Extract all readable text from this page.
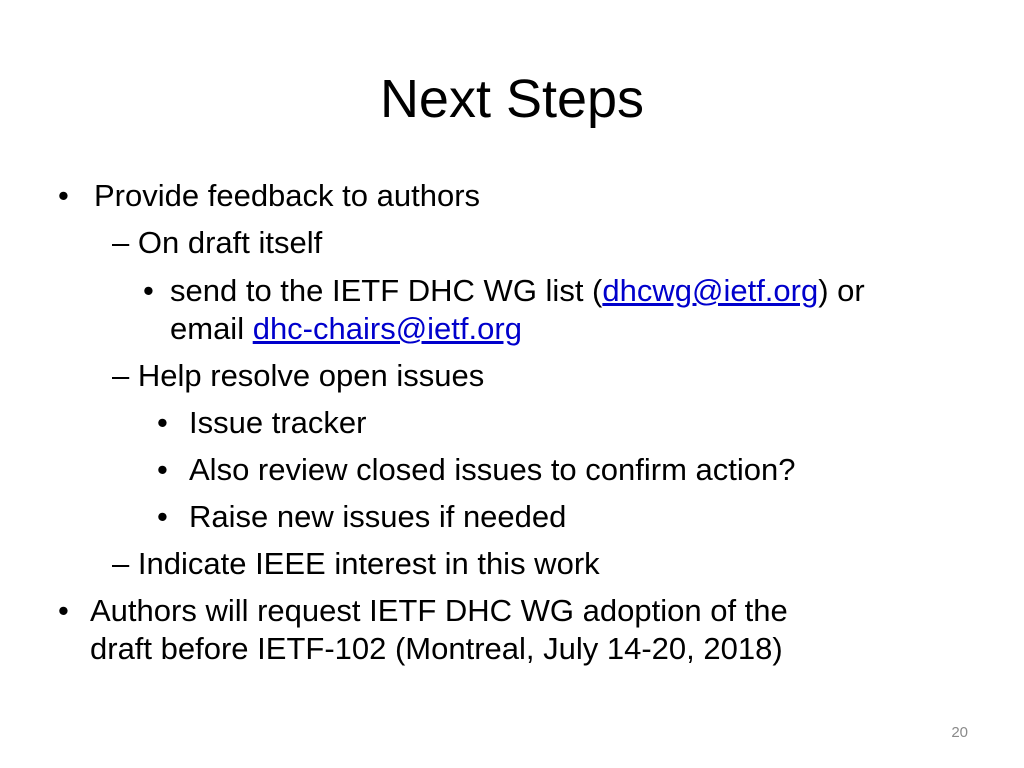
Next Steps
• Provide feedback to authors
– On draft itself
• send to the IETF DHC WG list (dhcwg@ietf.org) or
email dhc-chairs@ietf.org
– Help resolve open issues
• Issue tracker
• Also review closed issues to confirm action?
• Raise new issues if needed
– Indicate IEEE interest in this work
• Authors will request IETF DHC WG adoption of the
draft before IETF-102 (Montreal, July 14-20, 2018)
20
